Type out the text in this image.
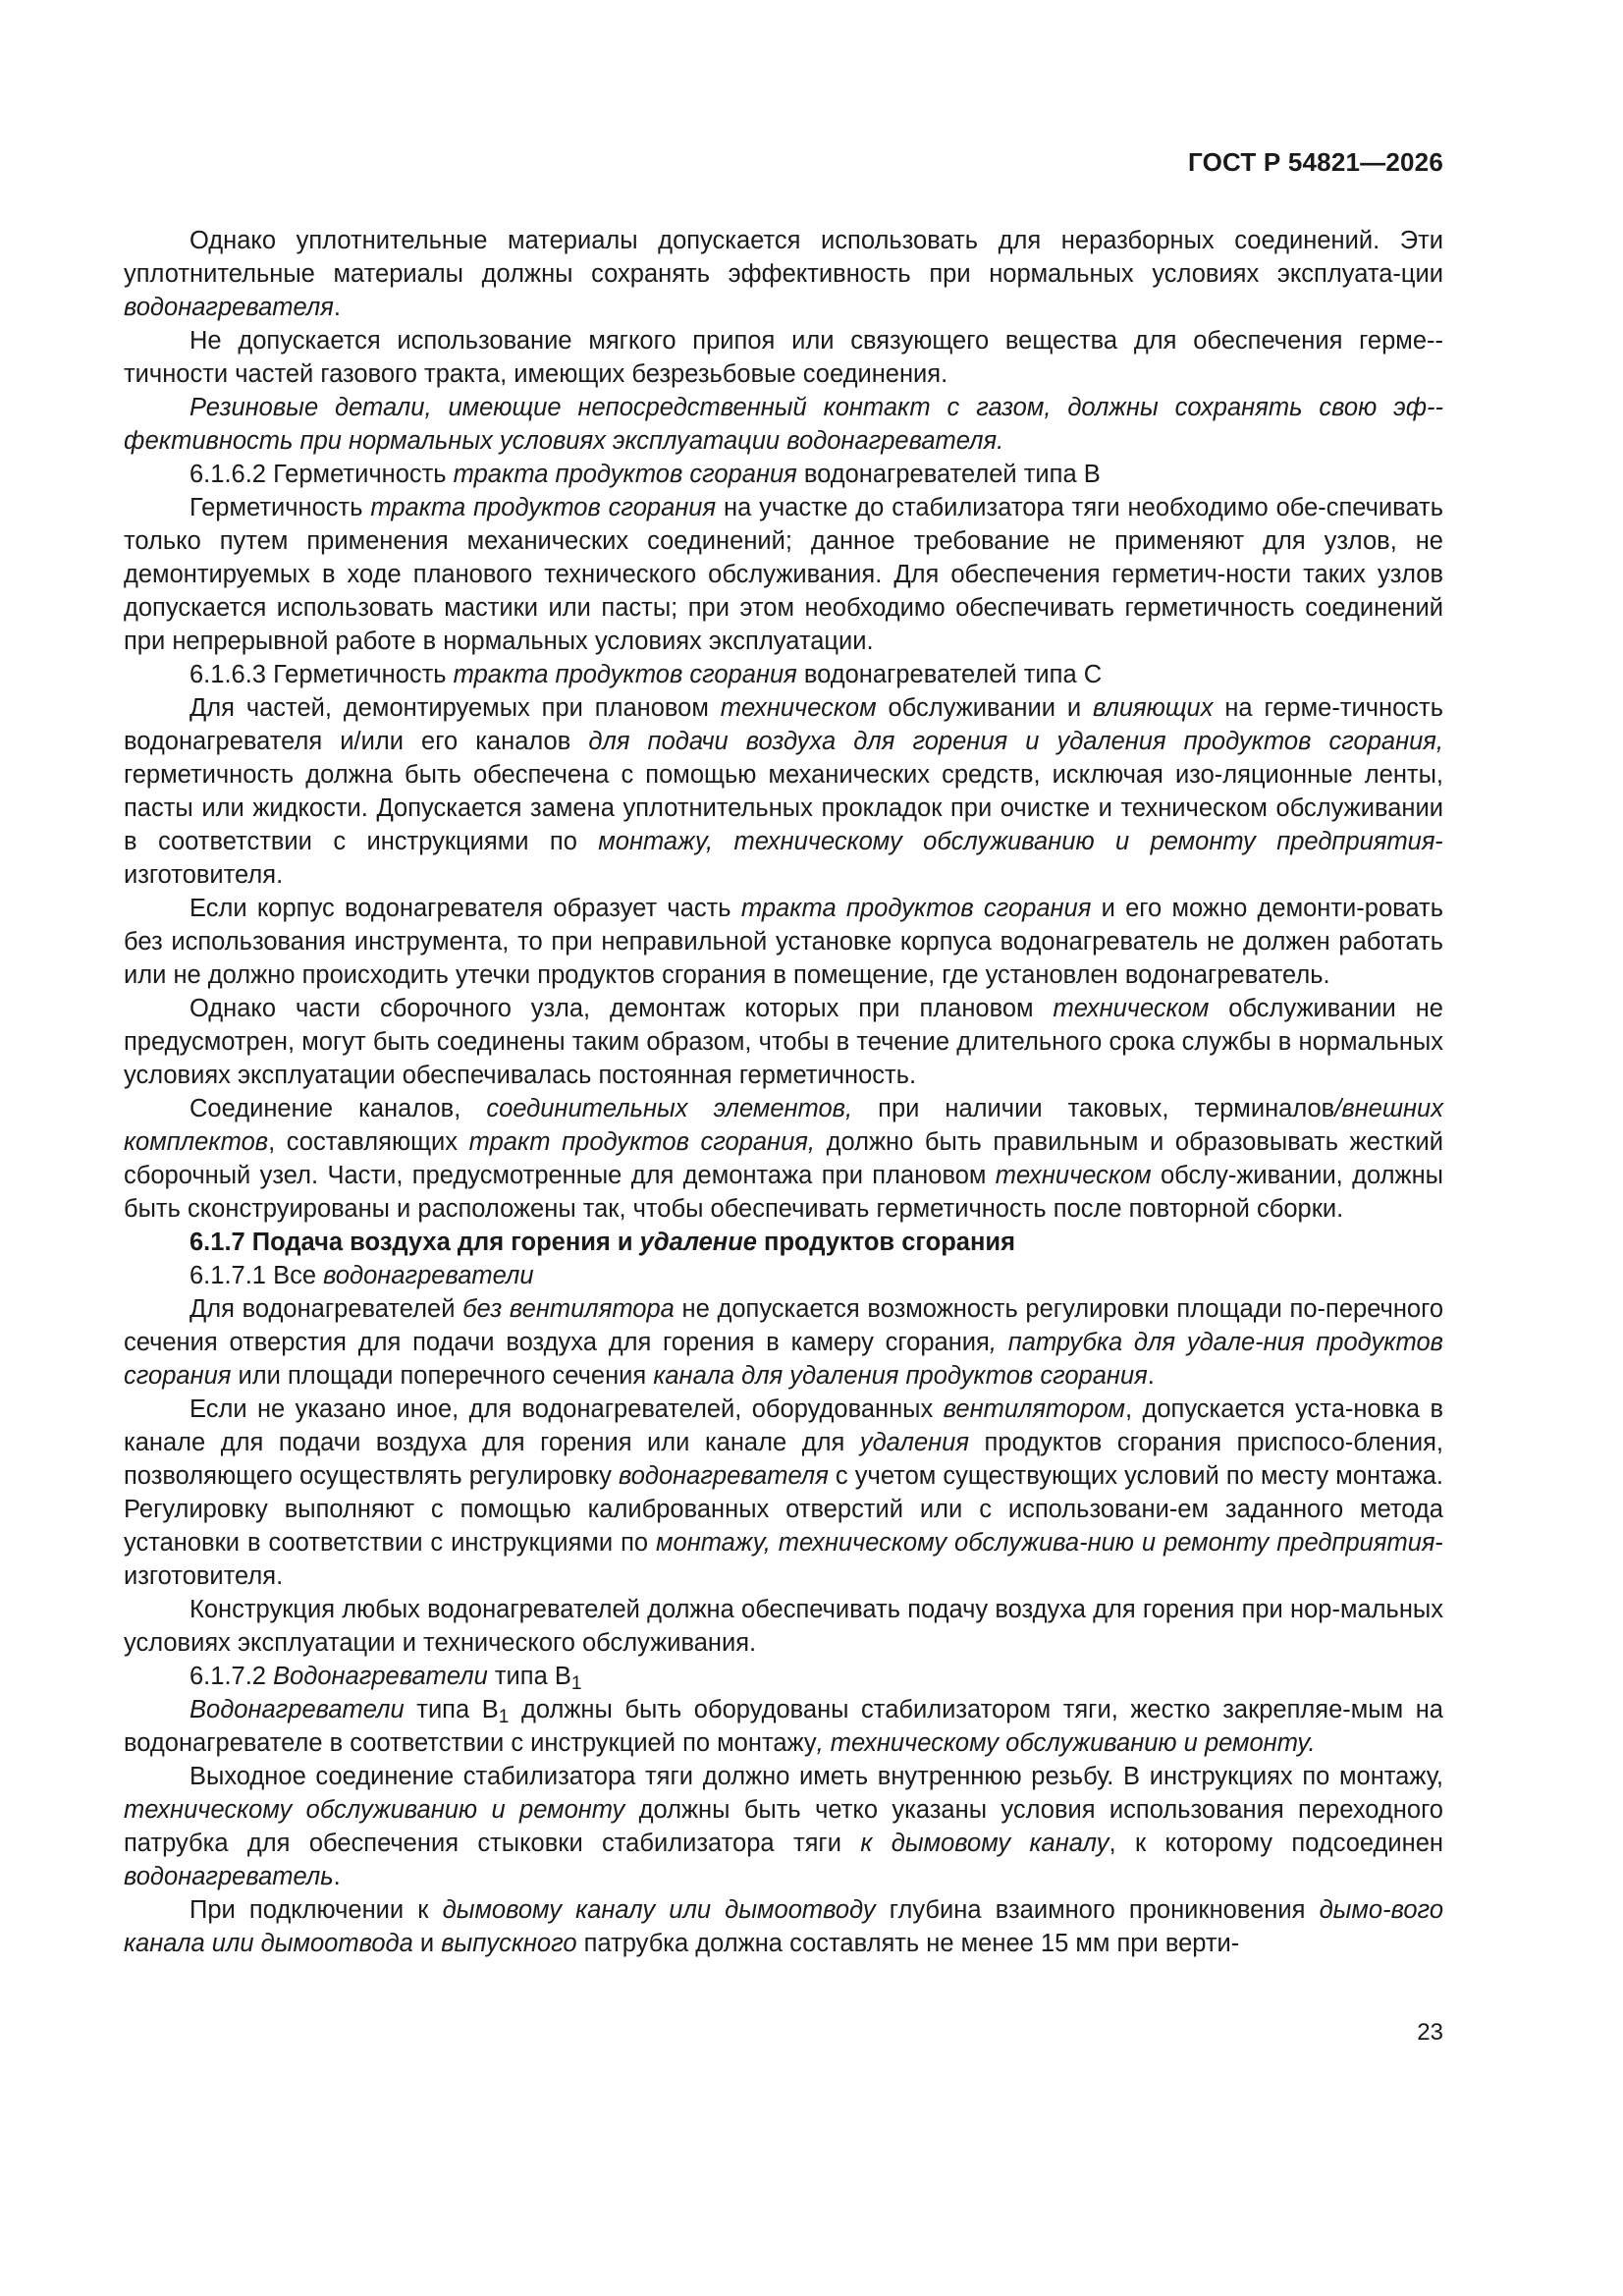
ГОСТ Р 54821—2026

Однако уплотнительные материалы допускается использовать для неразборных соединений. Эти уплотнительные материалы должны сохранять эффективность при нормальных условиях эксплуата-ции водонагревателя.

Не допускается использование мягкого припоя или связующего вещества для обеспечения герме-тичности частей газового тракта, имеющих безрезьбовые соединения.

Резиновые детали, имеющие непосредственный контакт с газом, должны сохранять свою эф-фективность при нормальных условиях эксплуатации водонагревателя.

6.1.6.2 Герметичность тракта продуктов сгорания водонагревателей типа В

Герметичность тракта продуктов сгорания на участке до стабилизатора тяги необходимо обе-спечивать только путем применения механических соединений; данное требование не применяют для узлов, не демонтируемых в ходе планового технического обслуживания. Для обеспечения герметич-ности таких узлов допускается использовать мастики или пасты; при этом необходимо обеспечивать герметичность соединений при непрерывной работе в нормальных условиях эксплуатации.

6.1.6.3 Герметичность тракта продуктов сгорания водонагревателей типа С

Для частей, демонтируемых при плановом техническом обслуживании и влияющих на герме-тичность водонагревателя и/или его каналов для подачи воздуха для горения и удаления продуктов сгорания, герметичность должна быть обеспечена с помощью механических средств, исключая изо-ляционные ленты, пасты или жидкости. Допускается замена уплотнительных прокладок при очистке и техническом обслуживании в соответствии с инструкциями по монтажу, техническому обслуживанию и ремонту предприятия-изготовителя.

Если корпус водонагревателя образует часть тракта продуктов сгорания и его можно демонти-ровать без использования инструмента, то при неправильной установке корпуса водонагреватель не должен работать или не должно происходить утечки продуктов сгорания в помещение, где установлен водонагреватель.

Однако части сборочного узла, демонтаж которых при плановом техническом обслуживании не предусмотрен, могут быть соединены таким образом, чтобы в течение длительного срока службы в нормальных условиях эксплуатации обеспечивалась постоянная герметичность.

Соединение каналов, соединительных элементов, при наличии таковых, терминалов/внешних комплектов, составляющих тракт продуктов сгорания, должно быть правильным и образовывать жесткий сборочный узел. Части, предусмотренные для демонтажа при плановом техническом обслу-живании, должны быть сконструированы и расположены так, чтобы обеспечивать герметичность после повторной сборки.

6.1.7 Подача воздуха для горения и удаление продуктов сгорания

6.1.7.1 Все водонагреватели

Для водонагревателей без вентилятора не допускается возможность регулировки площади по-перечного сечения отверстия для подачи воздуха для горения в камеру сгорания, патрубка для удале-ния продуктов сгорания или площади поперечного сечения канала для удаления продуктов сгорания.

Если не указано иное, для водонагревателей, оборудованных вентилятором, допускается уста-новка в канале для подачи воздуха для горения или канале для удаления продуктов сгорания приспосо-бления, позволяющего осуществлять регулировку водонагревателя с учетом существующих условий по месту монтажа. Регулировку выполняют с помощью калиброванных отверстий или с использовани-ем заданного метода установки в соответствии с инструкциями по монтажу, техническому обслужива-нию и ремонту предприятия-изготовителя.

Конструкция любых водонагревателей должна обеспечивать подачу воздуха для горения при нор-мальных условиях эксплуатации и технического обслуживания.

6.1.7.2 Водонагреватели типа $В_1$

Водонагреватели типа $В_1$ должны быть оборудованы стабилизатором тяги, жестко закрепляе-мым на водонагревателе в соответствии с инструкцией по монтажу, техническому обслуживанию и ремонту.

Выходное соединение стабилизатора тяги должно иметь внутреннюю резьбу. В инструкциях по монтажу, техническому обслуживанию и ремонту должны быть четко указаны условия использования переходного патрубка для обеспечения стыковки стабилизатора тяги к дымовому каналу, к которому подсоединен водонагреватель.

При подключении к дымовому каналу или дымоотводу глубина взаимного проникновения дымо-вого канала или дымоотвода и выпускного патрубка должна составлять не менее 15 мм при верти-

23
